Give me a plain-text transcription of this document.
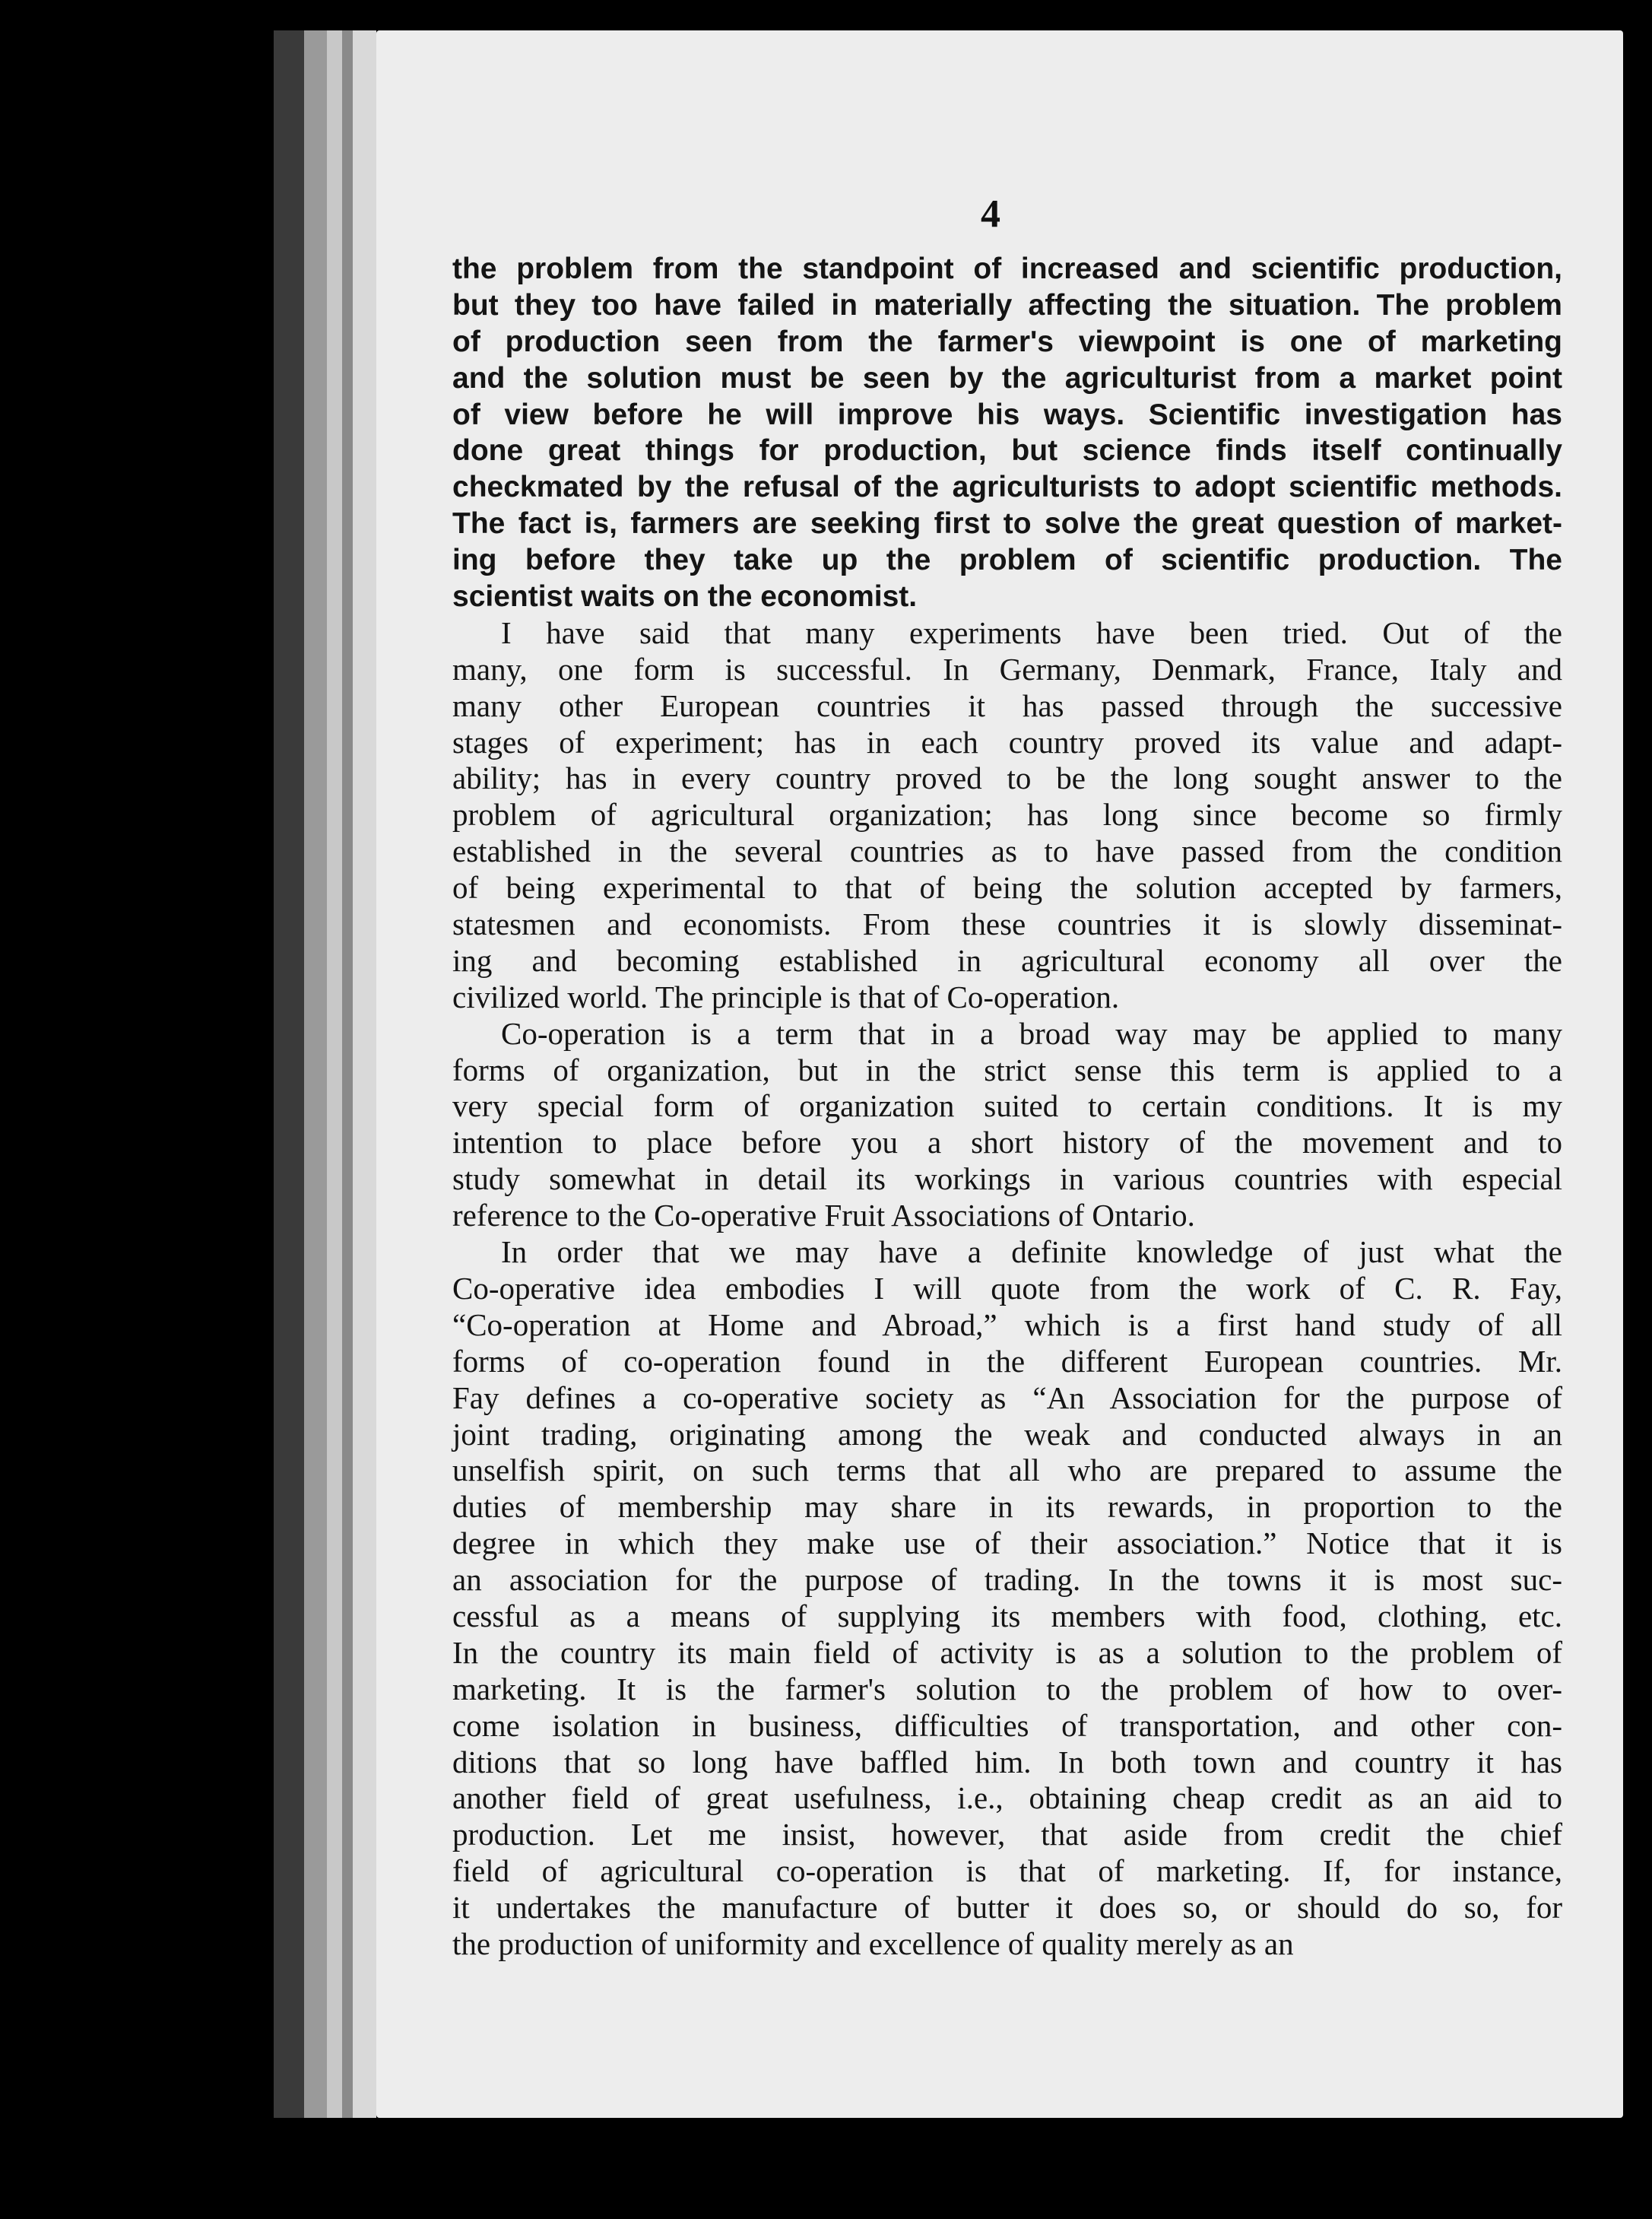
4
the problem from the standpoint of increased and scientific production,
but they too have failed in materially affecting the situation. The problem
of production seen from the farmer's viewpoint is one of marketing
and the solution must be seen by the agriculturist from a market point
of view before he will improve his ways. Scientific investigation has
done great things for production, but science finds itself continually
checkmated by the refusal of the agriculturists to adopt scientific methods.
The fact is, farmers are seeking first to solve the great question of market-
ing before they take up the problem of scientific production. The
scientist waits on the economist.
I have said that many experiments have been tried. Out of the
many, one form is successful. In Germany, Denmark, France, Italy and
many other European countries it has passed through the successive
stages of experiment; has in each country proved its value and adapt-
ability; has in every country proved to be the long sought answer to the
problem of agricultural organization; has long since become so firmly
established in the several countries as to have passed from the condition
of being experimental to that of being the solution accepted by farmers,
statesmen and economists. From these countries it is slowly disseminat-
ing and becoming established in agricultural economy all over the
civilized world. The principle is that of Co-operation.
Co-operation is a term that in a broad way may be applied to many
forms of organization, but in the strict sense this term is applied to a
very special form of organization suited to certain conditions. It is my
intention to place before you a short history of the movement and to
study somewhat in detail its workings in various countries with especial
reference to the Co-operative Fruit Associations of Ontario.
In order that we may have a definite knowledge of just what the
Co-operative idea embodies I will quote from the work of C. R. Fay,
“Co-operation at Home and Abroad,” which is a first hand study of all
forms of co-operation found in the different European countries. Mr.
Fay defines a co-operative society as “An Association for the purpose of
joint trading, originating among the weak and conducted always in an
unselfish spirit, on such terms that all who are prepared to assume the
duties of membership may share in its rewards, in proportion to the
degree in which they make use of their association.” Notice that it is
an association for the purpose of trading. In the towns it is most suc-
cessful as a means of supplying its members with food, clothing, etc.
In the country its main field of activity is as a solution to the problem of
marketing. It is the farmer's solution to the problem of how to over-
come isolation in business, difficulties of transportation, and other con-
ditions that so long have baffled him. In both town and country it has
another field of great usefulness, i.e., obtaining cheap credit as an aid to
production. Let me insist, however, that aside from credit the chief
field of agricultural co-operation is that of marketing. If, for instance,
it undertakes the manufacture of butter it does so, or should do so, for
the production of uniformity and excellence of quality merely as an
